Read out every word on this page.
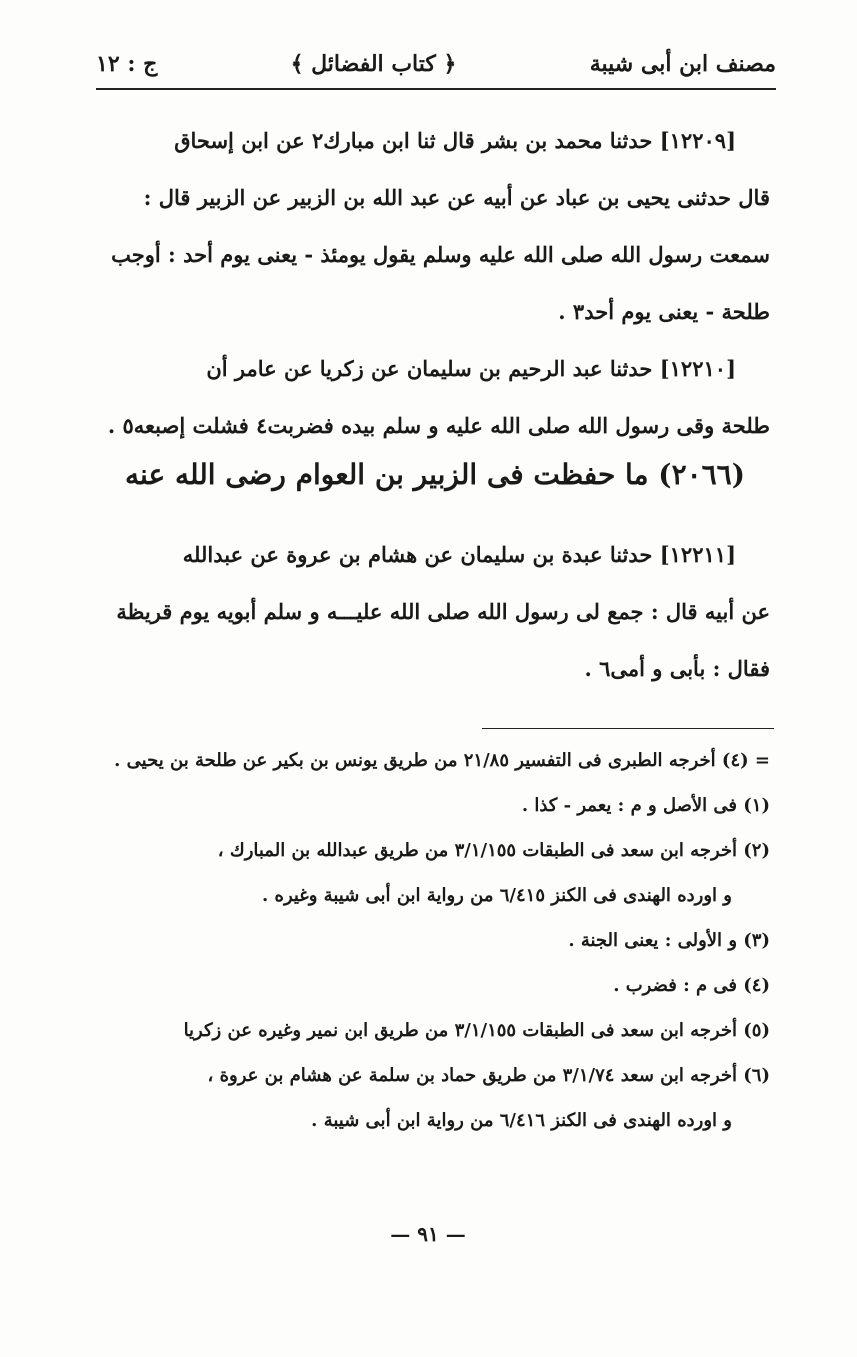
مصنف ابن أبى شيبة
﴿ كتاب الفضائل ﴾
ج : ١٢
[١٢٢٠٩] حدثنا محمد بن بشر قال ثنا ابن مبارك٢ عن ابن إسحاق
قال حدثنى يحيى بن عباد عن أبيه عن عبد الله بن الزبير عن الزبير قال :
سمعت رسول الله صلى الله عليه وسلم يقول يومئذ - يعنى يوم أحد : أوجب
طلحة - يعنى يوم أحد٣ .
[١٢٢١٠] حدثنا عبد الرحيم بن سليمان عن زكريا عن عامر أن
طلحة وقى رسول الله صلى الله عليه و سلم بيده فضربت٤ فشلت إصبعه٥ .
(٢٠٦٦) ما حفظت فى الزبير بن العوام رضى الله عنه
[١٢٢١١] حدثنا عبدة بن سليمان عن هشام بن عروة عن عبدالله
عن أبيه قال : جمع لى رسول الله صلى الله عليـــه و سلم أبويه يوم قريظة
فقال : بأبى و أمى٦ .
= (٤) أخرجه الطبرى فى التفسير ٢١/٨٥ من طريق يونس بن بكير عن طلحة بن يحيى .
(١) فى الأصل و م : يعمر - كذا .
(٢) أخرجه ابن سعد فى الطبقات ٣/١/١٥٥ من طريق عبدالله بن المبارك ،
و اورده الهندى فى الكنز ٦/٤١٥ من رواية ابن أبى شيبة وغيره .
(٣) و الأولى : يعنى الجنة .
(٤) فى م : فضرب .
(٥) أخرجه ابن سعد فى الطبقات ٣/١/١٥٥ من طريق ابن نمير وغيره عن زكريا
(٦) أخرجه ابن سعد ٣/١/٧٤ من طريق حماد بن سلمة عن هشام بن عروة ،
و اورده الهندى فى الكنز ٦/٤١٦ من رواية ابن أبى شيبة .
— ٩١ —
